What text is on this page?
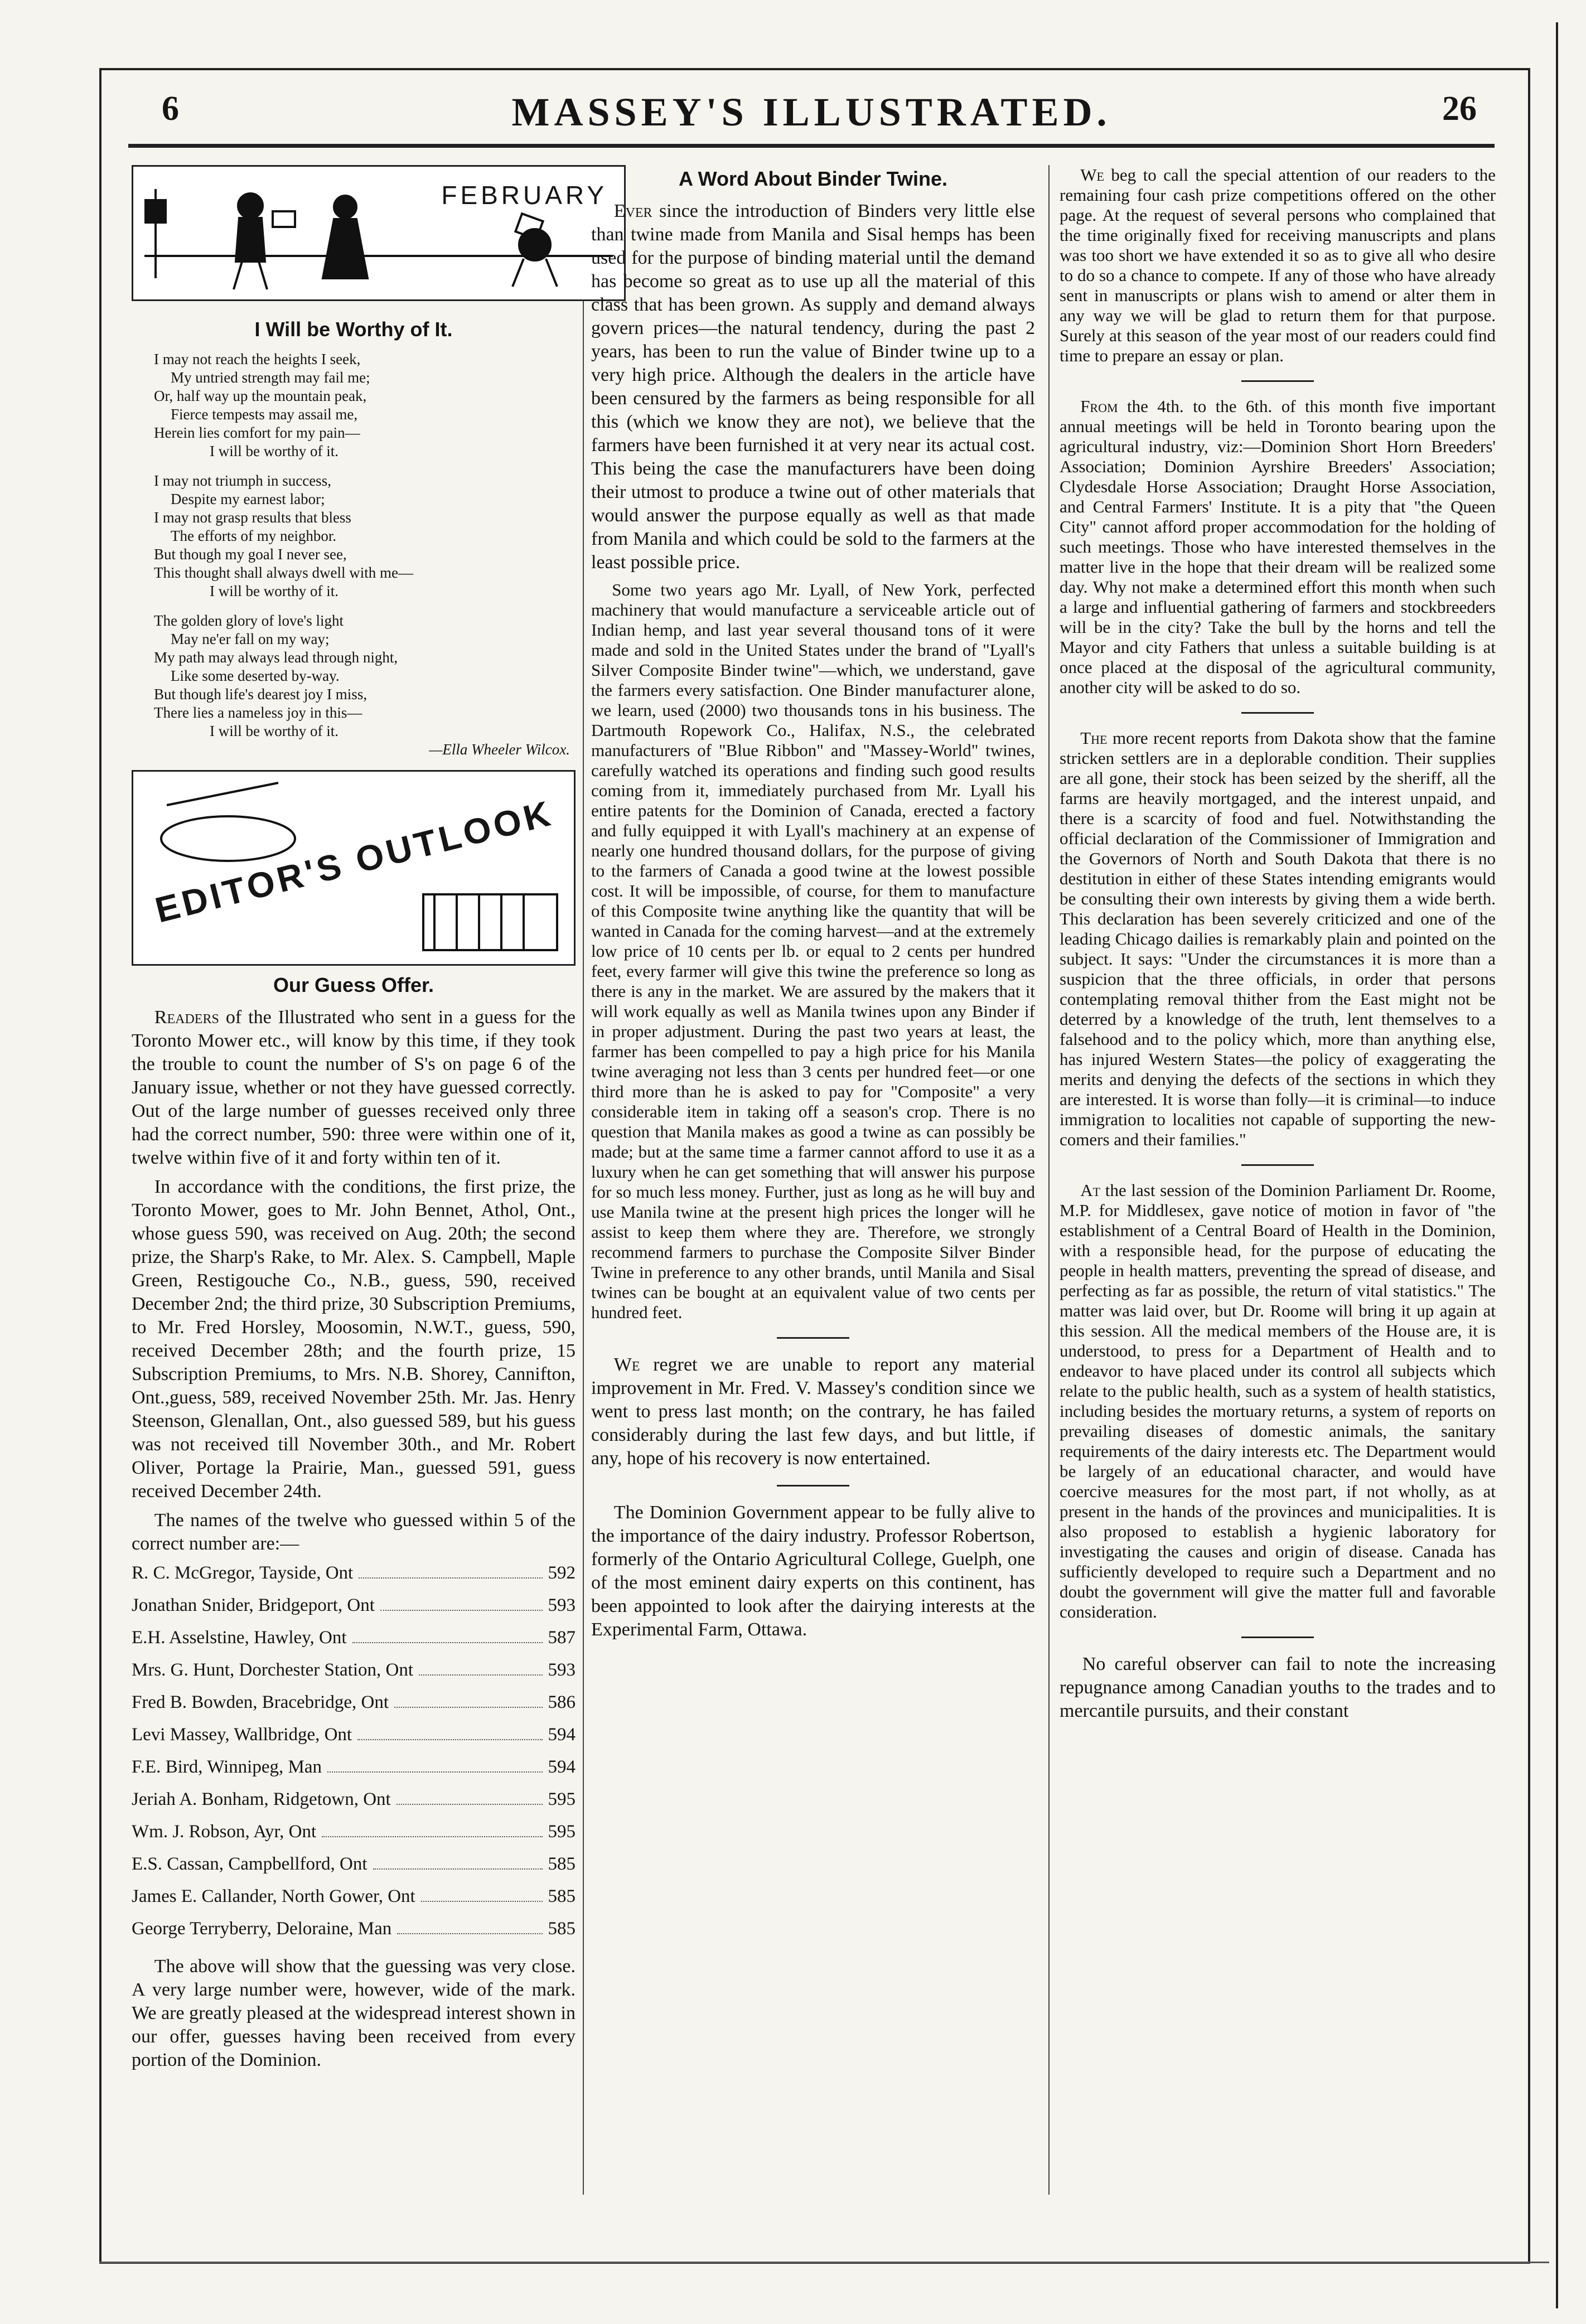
6	MASSEY'S ILLUSTRATED.	26
FEBRUARY
I Will be Worthy of It.
I may not reach the heights I seek,
My untried strength may fail me;
Or, half way up the mountain peak,
Fierce tempests may assail me,
Herein lies comfort for my pain—
I will be worthy of it.
I may not triumph in success,
Despite my earnest labor;
I may not grasp results that bless
The efforts of my neighbor.
But though my goal I never see,
This thought shall always dwell with me—
I will be worthy of it.
The golden glory of love's light
May ne'er fall on my way;
My path may always lead through night,
Like some deserted by-way.
But though life's dearest joy I miss,
There lies a nameless joy in this—
I will be worthy of it.
—Ella Wheeler Wilcox.
EDITOR'S OUTLOOK
Our Guess Offer.

Readers of the Illustrated who sent in a guess for the Toronto Mower etc., will know by this time, if they took the trouble to count the number of S's on page 6 of the January issue, whether or not they have guessed correctly. Out of the large number of guesses received only three had the correct number, 590: three were within one of it, twelve within five of it and forty within ten of it.

In accordance with the conditions, the first prize, the Toronto Mower, goes to Mr. John Bennet, Athol, Ont., whose guess 590, was received on Aug. 20th; the second prize, the Sharp's Rake, to Mr. Alex. S. Campbell, Maple Green, Restigouche Co., N.B., guess, 590, received December 2nd; the third prize, 30 Subscription Premiums, to Mr. Fred Horsley, Moosomin, N.W.T., guess, 590, received December 28th; and the fourth prize, 15 Subscription Premiums, to Mrs. N.B. Shorey, Cannifton, Ont.,guess, 589, received November 25th. Mr. Jas. Henry Steenson, Glenallan, Ont., also guessed 589, but his guess was not received till November 30th., and Mr. Robert Oliver, Portage la Prairie, Man., guessed 591, guess received December 24th.

The names of the twelve who guessed within 5 of the correct number are:—

R. C. McGregor, Tayside, Ont	592
Jonathan Snider, Bridgeport, Ont	593
E.H. Asselstine, Hawley, Ont	587
Mrs. G. Hunt, Dorchester Station, Ont	593
Fred B. Bowden, Bracebridge, Ont	586
Levi Massey, Wallbridge, Ont	594
F.E. Bird, Winnipeg, Man	594
Jeriah A. Bonham, Ridgetown, Ont	595
Wm. J. Robson, Ayr, Ont	595
E.S. Cassan, Campbellford, Ont	585
James E. Callander, North Gower, Ont	585
George Terryberry, Deloraine, Man	585

The above will show that the guessing was very close. A very large number were, however, wide of the mark. We are greatly pleased at the widespread interest shown in our offer, guesses having been received from every portion of the Dominion.

A Word About Binder Twine.

Ever since the introduction of Binders very little else than twine made from Manila and Sisal hemps has been used for the purpose of binding material until the demand has become so great as to use up all the material of this class that has been grown. As supply and demand always govern prices—the natural tendency, during the past 2 years, has been to run the value of Binder twine up to a very high price. Although the dealers in the article have been censured by the farmers as being responsible for all this (which we know they are not), we believe that the farmers have been furnished it at very near its actual cost. This being the case the manufacturers have been doing their utmost to produce a twine out of other materials that would answer the purpose equally as well as that made from Manila and which could be sold to the farmers at the least possible price.

Some two years ago Mr. Lyall, of New York, perfected machinery that would manufacture a serviceable article out of Indian hemp, and last year several thousand tons of it were made and sold in the United States under the brand of "Lyall's Silver Composite Binder twine"—which, we understand, gave the farmers every satisfaction. One Binder manufacturer alone, we learn, used (2000) two thousands tons in his business. The Dartmouth Ropework Co., Halifax, N.S., the celebrated manufacturers of "Blue Ribbon" and "Massey-World" twines, carefully watched its operations and finding such good results coming from it, immediately purchased from Mr. Lyall his entire patents for the Dominion of Canada, erected a factory and fully equipped it with Lyall's machinery at an expense of nearly one hundred thousand dollars, for the purpose of giving to the farmers of Canada a good twine at the lowest possible cost. It will be impossible, of course, for them to manufacture of this Composite twine anything like the quantity that will be wanted in Canada for the coming harvest—and at the extremely low price of 10 cents per lb. or equal to 2 cents per hundred feet, every farmer will give this twine the preference so long as there is any in the market. We are assured by the makers that it will work equally as well as Manila twines upon any Binder if in proper adjustment. During the past two years at least, the farmer has been compelled to pay a high price for his Manila twine averaging not less than 3 cents per hundred feet—or one third more than he is asked to pay for "Composite" a very considerable item in taking off a season's crop. There is no question that Manila makes as good a twine as can possibly be made; but at the same time a farmer cannot afford to use it as a luxury when he can get something that will answer his purpose for so much less money. Further, just as long as he will buy and use Manila twine at the present high prices the longer will he assist to keep them where they are. Therefore, we strongly recommend farmers to purchase the Composite Silver Binder Twine in preference to any other brands, until Manila and Sisal twines can be bought at an equivalent value of two cents per hundred feet.

We regret we are unable to report any material improvement in Mr. Fred. V. Massey's condition since we went to press last month; on the contrary, he has failed considerably during the last few days, and but little, if any, hope of his recovery is now entertained.

The Dominion Government appear to be fully alive to the importance of the dairy industry. Professor Robertson, formerly of the Ontario Agricultural College, Guelph, one of the most eminent dairy experts on this continent, has been appointed to look after the dairying interests at the Experimental Farm, Ottawa.

We beg to call the special attention of our readers to the remaining four cash prize competitions offered on the other page. At the request of several persons who complained that the time originally fixed for receiving manuscripts and plans was too short we have extended it so as to give all who desire to do so a chance to compete. If any of those who have already sent in manuscripts or plans wish to amend or alter them in any way we will be glad to return them for that purpose. Surely at this season of the year most of our readers could find time to prepare an essay or plan.

From the 4th. to the 6th. of this month five important annual meetings will be held in Toronto bearing upon the agricultural industry, viz:—Dominion Short Horn Breeders' Association; Dominion Ayrshire Breeders' Association; Clydesdale Horse Association; Draught Horse Association, and Central Farmers' Institute. It is a pity that "the Queen City" cannot afford proper accommodation for the holding of such meetings. Those who have interested themselves in the matter live in the hope that their dream will be realized some day. Why not make a determined effort this month when such a large and influential gathering of farmers and stockbreeders will be in the city? Take the bull by the horns and tell the Mayor and city Fathers that unless a suitable building is at once placed at the disposal of the agricultural community, another city will be asked to do so.

The more recent reports from Dakota show that the famine stricken settlers are in a deplorable condition. Their supplies are all gone, their stock has been seized by the sheriff, all the farms are heavily mortgaged, and the interest unpaid, and there is a scarcity of food and fuel. Notwithstanding the official declaration of the Commissioner of Immigration and the Governors of North and South Dakota that there is no destitution in either of these States intending emigrants would be consulting their own interests by giving them a wide berth. This declaration has been severely criticized and one of the leading Chicago dailies is remarkably plain and pointed on the subject. It says: "Under the circumstances it is more than a suspicion that the three officials, in order that persons contemplating removal thither from the East might not be deterred by a knowledge of the truth, lent themselves to a falsehood and to the policy which, more than anything else, has injured Western States—the policy of exaggerating the merits and denying the defects of the sections in which they are interested. It is worse than folly—it is criminal—to induce immigration to localities not capable of supporting the new-comers and their families."

At the last session of the Dominion Parliament Dr. Roome, M.P. for Middlesex, gave notice of motion in favor of "the establishment of a Central Board of Health in the Dominion, with a responsible head, for the purpose of educating the people in health matters, preventing the spread of disease, and perfecting as far as possible, the return of vital statistics." The matter was laid over, but Dr. Roome will bring it up again at this session. All the medical members of the House are, it is understood, to press for a Department of Health and to endeavor to have placed under its control all subjects which relate to the public health, such as a system of health statistics, including besides the mortuary returns, a system of reports on prevailing diseases of domestic animals, the sanitary requirements of the dairy interests etc. The Department would be largely of an educational character, and would have coercive measures for the most part, if not wholly, as at present in the hands of the provinces and municipalities. It is also proposed to establish a hygienic laboratory for investigating the causes and origin of disease. Canada has sufficiently developed to require such a Department and no doubt the government will give the matter full and favorable consideration.

No careful observer can fail to note the increasing repugnance among Canadian youths to the trades and to mercantile pursuits, and their constant
